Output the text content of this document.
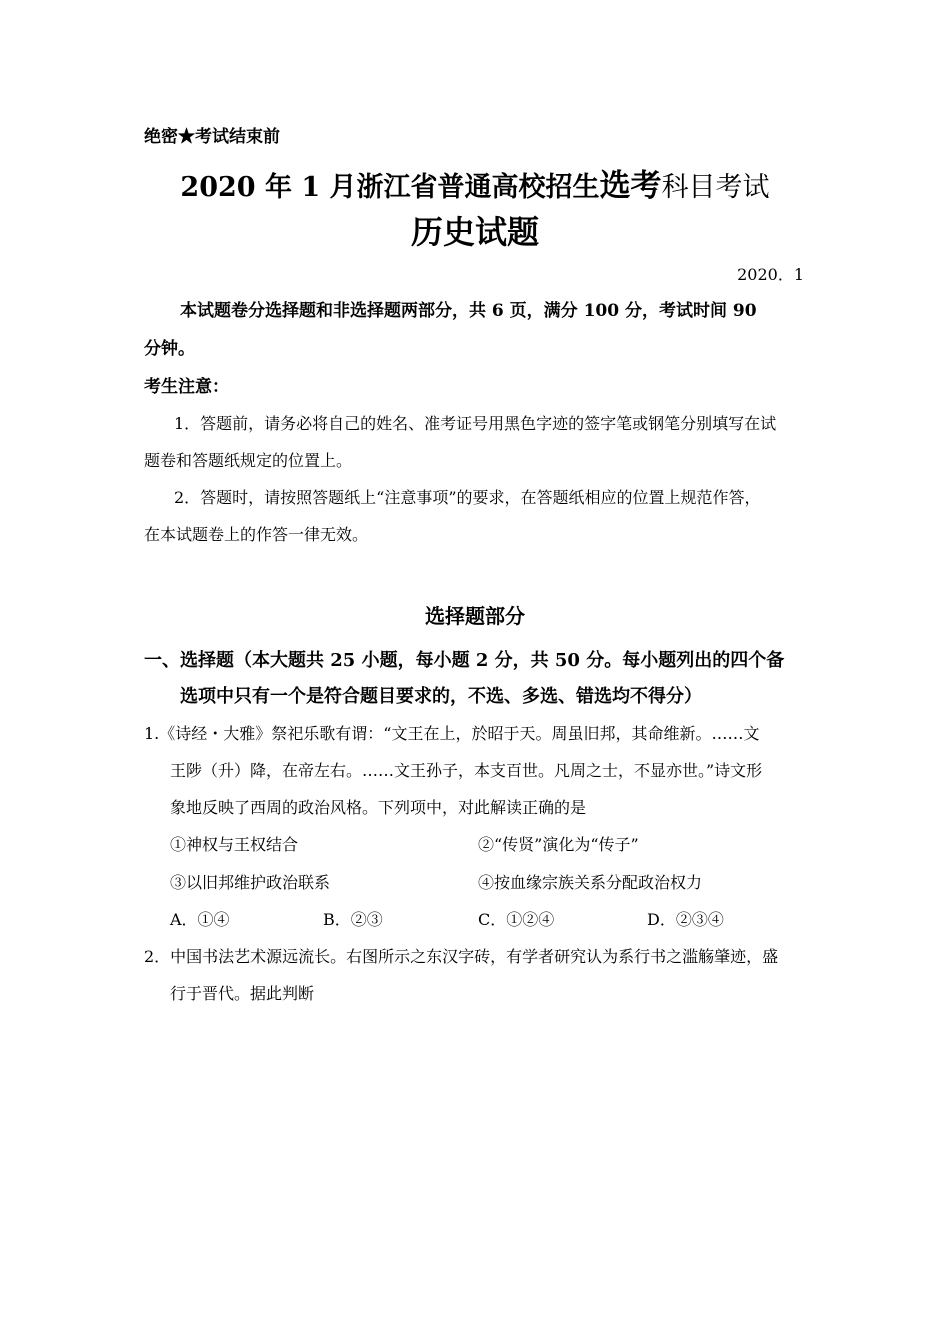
绝密★考试结束前
2020 年 1 月浙江省普通高校招生选考科目考试
历史试题
2020．1
本试题卷分选择题和非选择题两部分，共 6 页，满分 100 分，考试时间 90
分钟。
考生注意：
1．答题前，请务必将自己的姓名、准考证号用黑色字迹的签字笔或钢笔分别填写在试
题卷和答题纸规定的位置上。
2．答题时，请按照答题纸上“注意事项”的要求，在答题纸相应的位置上规范作答，
在本试题卷上的作答一律无效。
选择题部分
一、选择题（本大题共 25 小题，每小题 2 分，共 50 分。每小题列出的四个备
选项中只有一个是符合题目要求的，不选、多选、错选均不得分）
1.《诗经・大雅》祭祀乐歌有谓：“文王在上，於昭于天。周虽旧邦，其命维新。……文
王陟（升）降，在帝左右。……文王孙子，本支百世。凡周之士，不显亦世。”诗文形
象地反映了西周的政治风格。下列项中，对此解读正确的是
①神权与王权结合	②“传贤”演化为“传子”
③以旧邦维护政治联系	④按血缘宗族关系分配政治权力
A．①④	B．②③	C．①②④	D．②③④
2．中国书法艺术源远流长。右图所示之东汉字砖，有学者研究认为系行书之滥觞肇迹，盛
行于晋代。据此判断
